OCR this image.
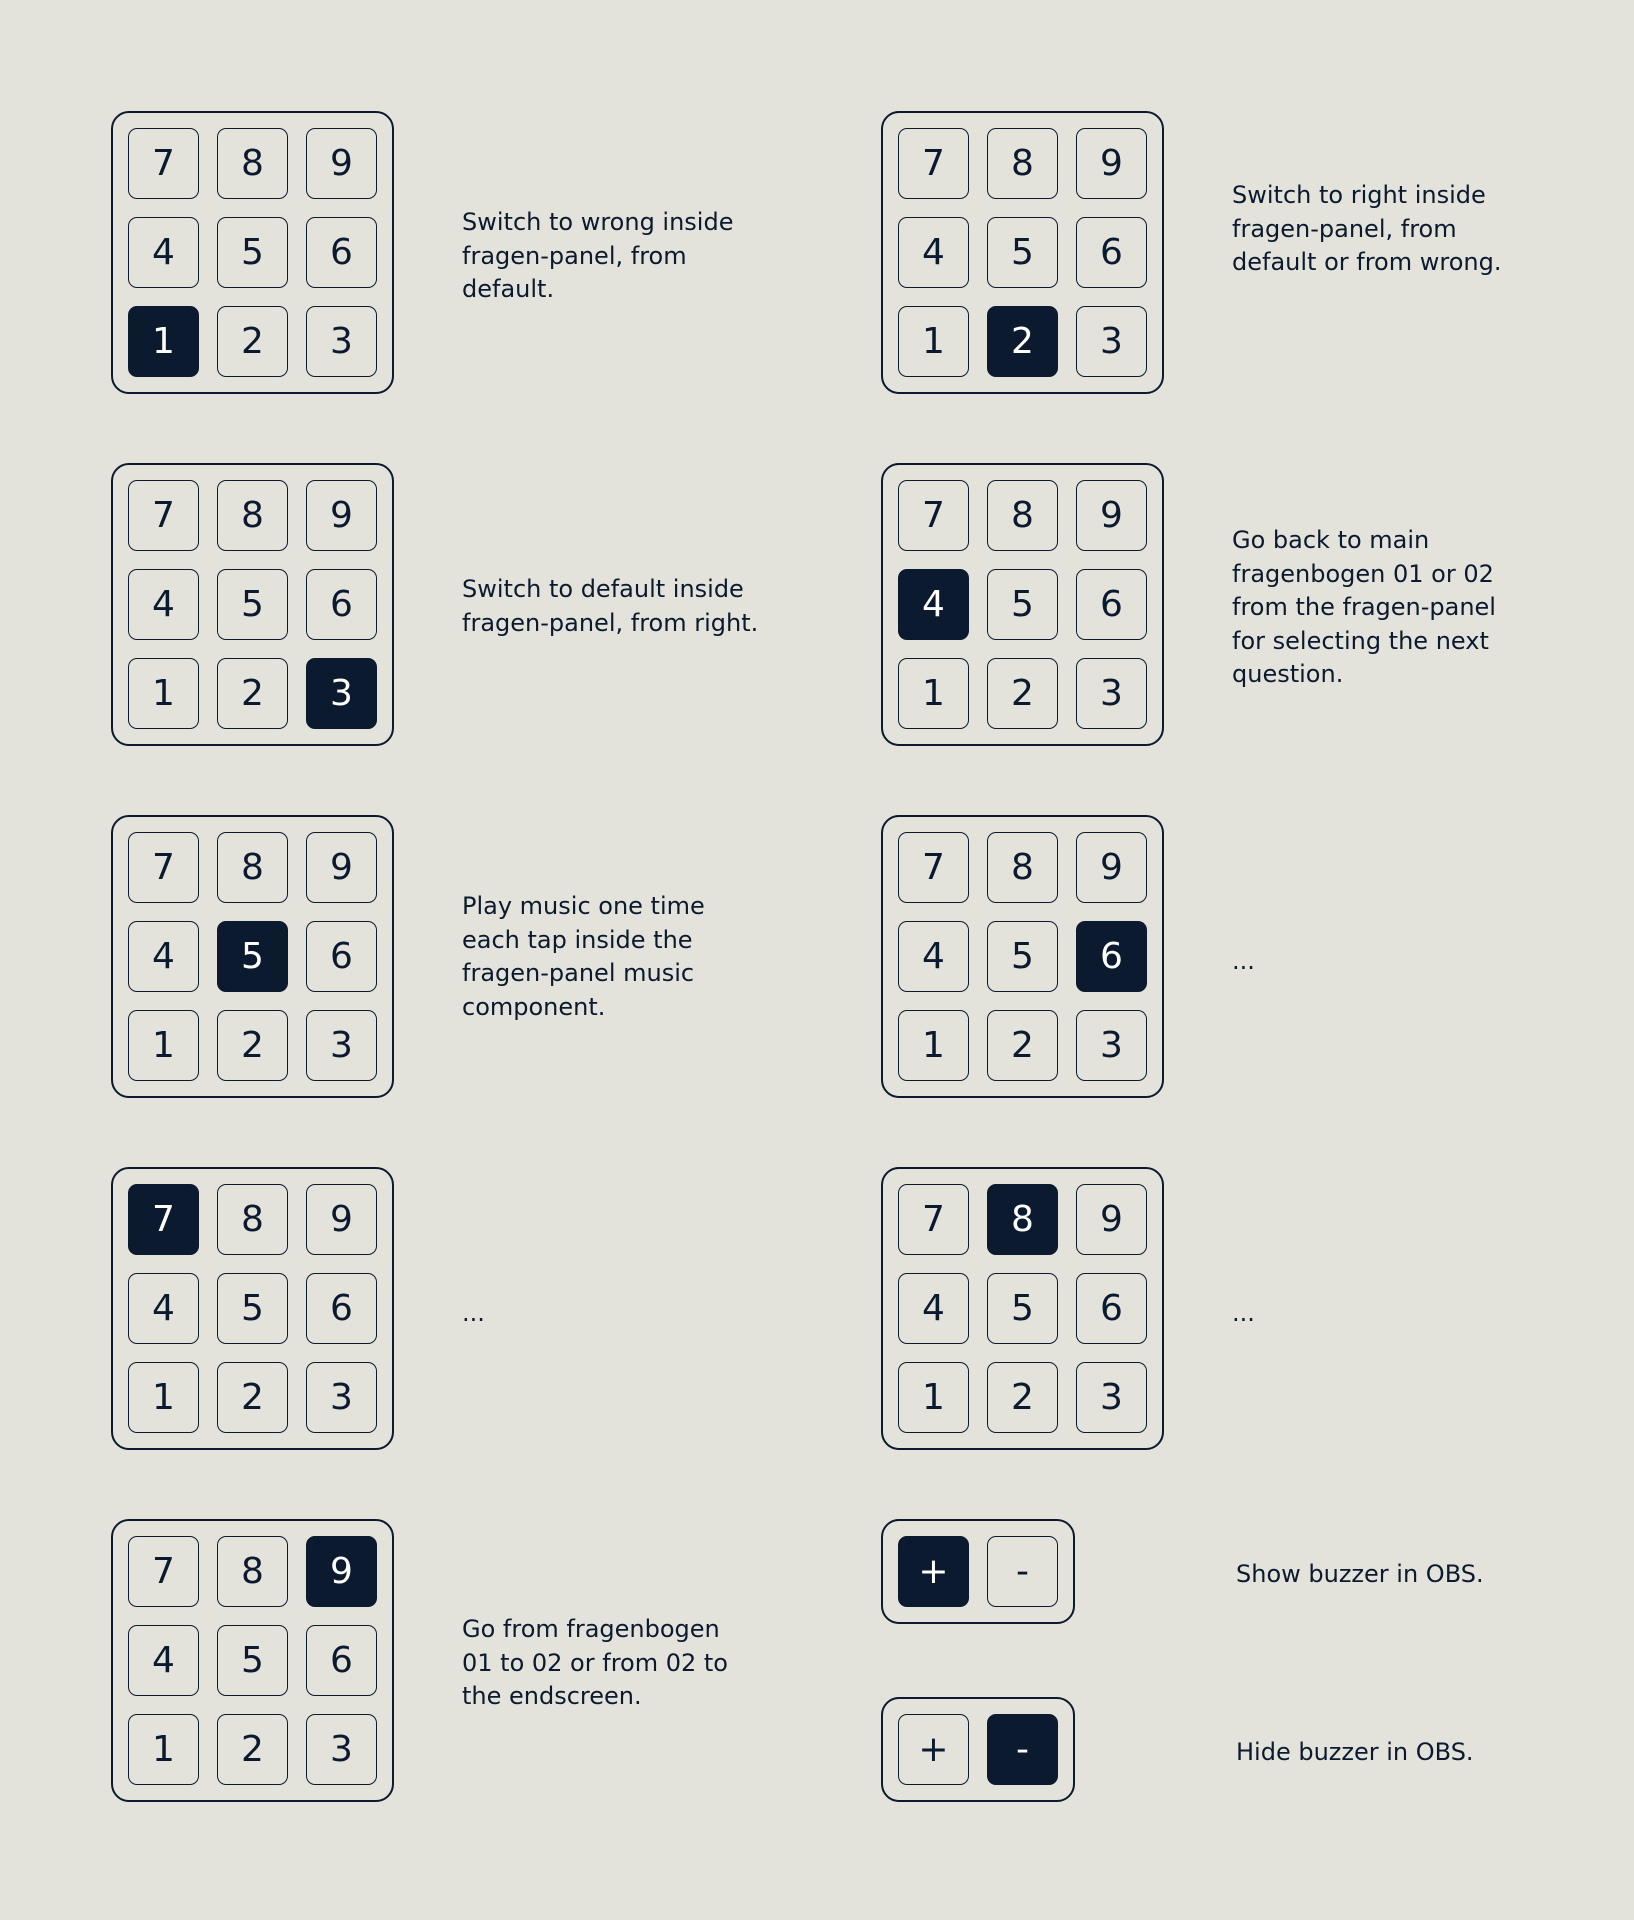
7	8	9
4	5	6
1	2	3
Switch to wrong inside
fragen-panel, from
default.
7	8	9
4	5	6
1	2	3
Switch to right inside
fragen-panel, from
default or from wrong.
7	8	9
4	5	6
1	2	3
Switch to default inside
fragen-panel, from right.
7	8	9
4	5	6
1	2	3
Go back to main
fragenbogen 01 or 02
from the fragen-panel
for selecting the next
question.
7	8	9
4	5	6
1	2	3
Play music one time
each tap inside the
fragen-panel music
component.
7	8	9
4	5	6
1	2	3
...
7	8	9
4	5	6
1	2	3
...
7	8	9
4	5	6
1	2	3
...
7	8	9
4	5	6
1	2	3
Go from fragenbogen
01 to 02 or from 02 to
the endscreen.
+	-	Show buzzer in OBS.
+	-	Hide buzzer in OBS.
